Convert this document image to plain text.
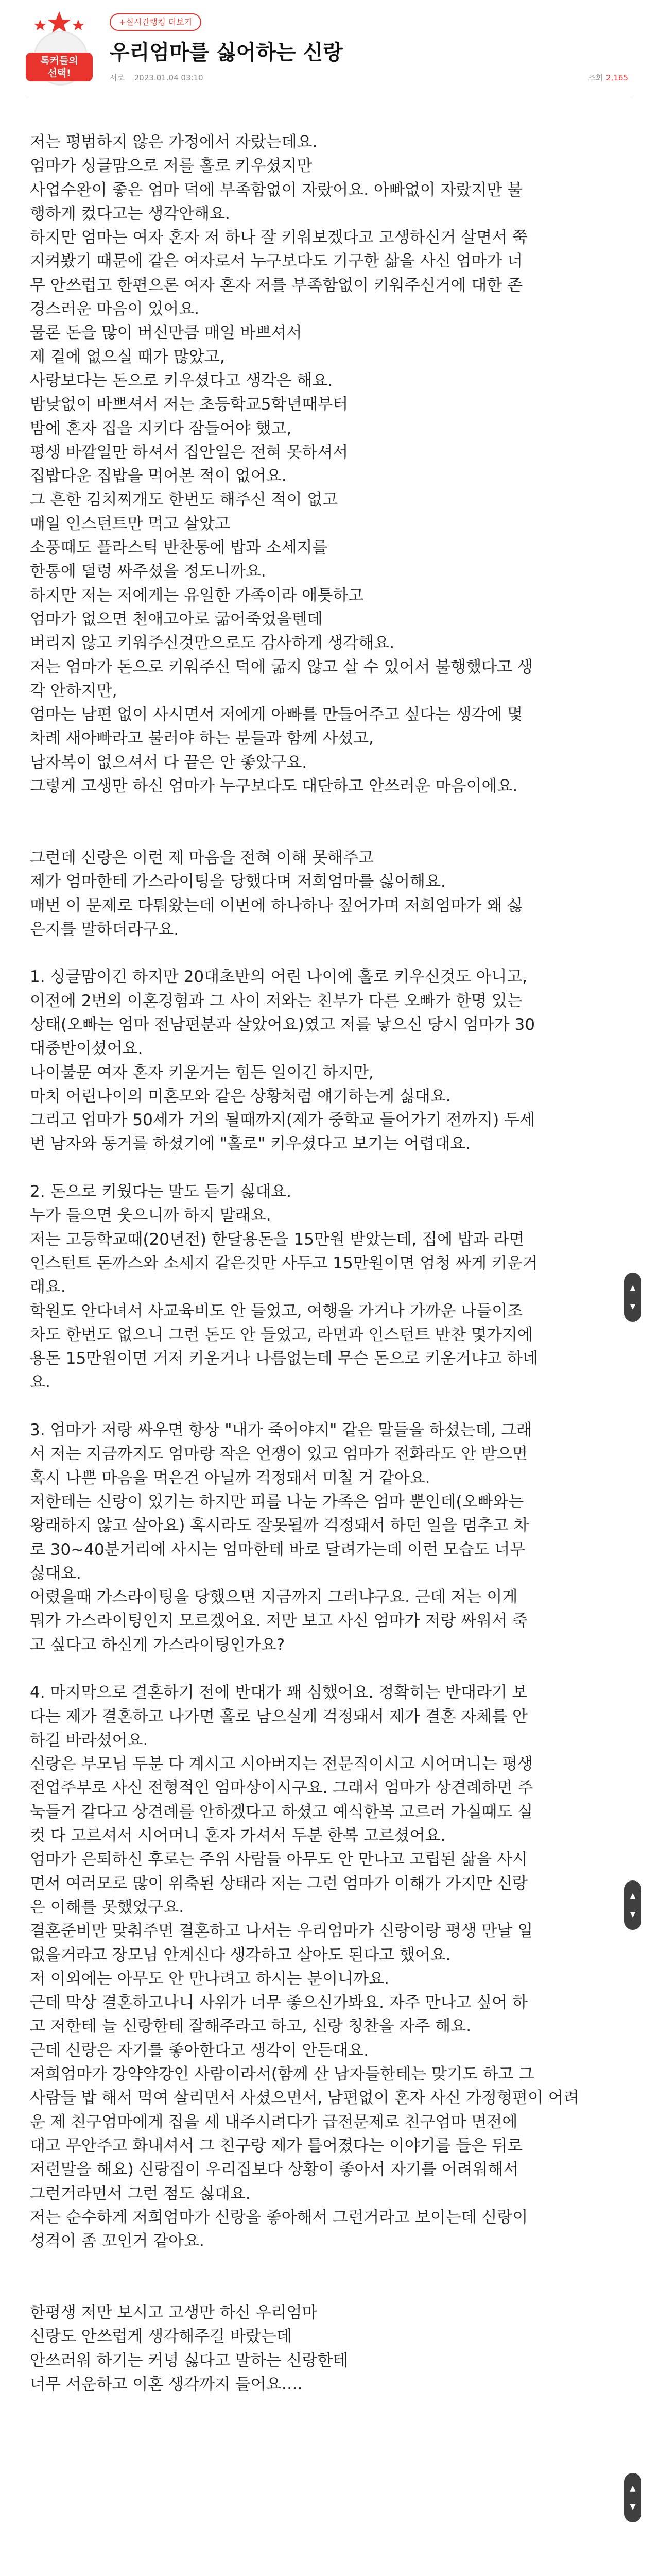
톡커들의
선택!
+실시간랭킹 더보기
우리엄마를 싫어하는 신랑
서로 2023.01.04 03:10	조회 2,165
저는 평범하지 않은 가정에서 자랐는데요.
엄마가 싱글맘으로 저를 홀로 키우셨지만
사업수완이 좋은 엄마 덕에 부족함없이 자랐어요. 아빠없이 자랐지만 불
행하게 컸다고는 생각안해요.
하지만 엄마는 여자 혼자 저 하나 잘 키워보겠다고 고생하신거 살면서 쭉
지켜봤기 때문에 같은 여자로서 누구보다도 기구한 삶을 사신 엄마가 너
무 안쓰럽고 한편으론 여자 혼자 저를 부족함없이 키워주신거에 대한 존
경스러운 마음이 있어요.
물론 돈을 많이 버신만큼 매일 바쁘셔서
제 곁에 없으실 때가 많았고,
사랑보다는 돈으로 키우셨다고 생각은 해요.
밤낮없이 바쁘셔서 저는 초등학교5학년때부터
밤에 혼자 집을 지키다 잠들어야 했고,
평생 바깥일만 하셔서 집안일은 전혀 못하셔서
집밥다운 집밥을 먹어본 적이 없어요.
그 흔한 김치찌개도 한번도 해주신 적이 없고
매일 인스턴트만 먹고 살았고
소풍때도 플라스틱 반찬통에 밥과 소세지를
한통에 덜렁 싸주셨을 정도니까요.
하지만 저는 저에게는 유일한 가족이라 애틋하고
엄마가 없으면 천애고아로 굶어죽었을텐데
버리지 않고 키워주신것만으로도 감사하게 생각해요.
저는 엄마가 돈으로 키워주신 덕에 굶지 않고 살 수 있어서 불행했다고 생
각 안하지만,
엄마는 남편 없이 사시면서 저에게 아빠를 만들어주고 싶다는 생각에 몇
차례 새아빠라고 불러야 하는 분들과 함께 사셨고,
남자복이 없으셔서 다 끝은 안 좋았구요.
그렇게 고생만 하신 엄마가 누구보다도 대단하고 안쓰러운 마음이에요.
그런데 신랑은 이런 제 마음을 전혀 이해 못해주고
제가 엄마한테 가스라이팅을 당했다며 저희엄마를 싫어해요.
매번 이 문제로 다퉈왔는데 이번에 하나하나 짚어가며 저희엄마가 왜 싫
은지를 말하더라구요.
1. 싱글맘이긴 하지만 20대초반의 어린 나이에 홀로 키우신것도 아니고,
이전에 2번의 이혼경험과 그 사이 저와는 친부가 다른 오빠가 한명 있는
상태(오빠는 엄마 전남편분과 살았어요)였고 저를 낳으신 당시 엄마가 30
대중반이셨어요.
나이불문 여자 혼자 키운거는 힘든 일이긴 하지만,
마치 어린나이의 미혼모와 같은 상황처럼 얘기하는게 싫대요.
그리고 엄마가 50세가 거의 될때까지(제가 중학교 들어가기 전까지) 두세
번 남자와 동거를 하셨기에 "홀로" 키우셨다고 보기는 어렵대요.
2. 돈으로 키웠다는 말도 듣기 싫대요.
누가 들으면 웃으니까 하지 말래요.
저는 고등학교때(20년전) 한달용돈을 15만원 받았는데, 집에 밥과 라면
인스턴트 돈까스와 소세지 같은것만 사두고 15만원이면 엄청 싸게 키운거
래요.
학원도 안다녀서 사교육비도 안 들었고, 여행을 가거나 가까운 나들이조
차도 한번도 없으니 그런 돈도 안 들었고, 라면과 인스턴트 반찬 몇가지에
용돈 15만원이면 거저 키운거나 나름없는데 무슨 돈으로 키운거냐고 하네
요.
3. 엄마가 저랑 싸우면 항상 "내가 죽어야지" 같은 말들을 하셨는데, 그래
서 저는 지금까지도 엄마랑 작은 언쟁이 있고 엄마가 전화라도 안 받으면
혹시 나쁜 마음을 먹은건 아닐까 걱정돼서 미칠 거 같아요.
저한테는 신랑이 있기는 하지만 피를 나눈 가족은 엄마 뿐인데(오빠와는
왕래하지 않고 살아요) 혹시라도 잘못될까 걱정돼서 하던 일을 멈추고 차
로 30~40분거리에 사시는 엄마한테 바로 달려가는데 이런 모습도 너무
싫대요.
어렸을때 가스라이팅을 당했으면 지금까지 그러냐구요. 근데 저는 이게
뭐가 가스라이팅인지 모르겠어요. 저만 보고 사신 엄마가 저랑 싸워서 죽
고 싶다고 하신게 가스라이팅인가요?
4. 마지막으로 결혼하기 전에 반대가 꽤 심했어요. 정확히는 반대라기 보
다는 제가 결혼하고 나가면 홀로 남으실게 걱정돼서 제가 결혼 자체를 안
하길 바라셨어요.
신랑은 부모님 두분 다 계시고 시아버지는 전문직이시고 시어머니는 평생
전업주부로 사신 전형적인 엄마상이시구요. 그래서 엄마가 상견례하면 주
눅들거 같다고 상견례를 안하겠다고 하셨고 예식한복 고르러 가실때도 실
컷 다 고르셔서 시어머니 혼자 가셔서 두분 한복 고르셨어요.
엄마가 은퇴하신 후로는 주위 사람들 아무도 안 만나고 고립된 삶을 사시
면서 여러모로 많이 위축된 상태라 저는 그런 엄마가 이해가 가지만 신랑
은 이해를 못했었구요.
결혼준비만 맞춰주면 결혼하고 나서는 우리엄마가 신랑이랑 평생 만날 일
없을거라고 장모님 안계신다 생각하고 살아도 된다고 했어요.
저 이외에는 아무도 안 만나려고 하시는 분이니까요.
근데 막상 결혼하고나니 사위가 너무 좋으신가봐요. 자주 만나고 싶어 하
고 저한테 늘 신랑한테 잘해주라고 하고, 신랑 칭찬을 자주 해요.
근데 신랑은 자기를 좋아한다고 생각이 안든대요.
저희엄마가 강약약강인 사람이라서(함께 산 남자들한테는 맞기도 하고 그
사람들 밥 해서 먹여 살리면서 사셨으면서, 남편없이 혼자 사신 가정형편이 어려
운 제 친구엄마에게 집을 세 내주시려다가 급전문제로 친구엄마 면전에
대고 무안주고 화내셔서 그 친구랑 제가 틀어졌다는 이야기를 들은 뒤로
저런말을 해요) 신랑집이 우리집보다 상황이 좋아서 자기를 어려워해서
그런거라면서 그런 점도 싫대요.
저는 순수하게 저희엄마가 신랑을 좋아해서 그런거라고 보이는데 신랑이
성격이 좀 꼬인거 같아요.
한평생 저만 보시고 고생만 하신 우리엄마
신랑도 안쓰럽게 생각해주길 바랐는데
안쓰러워 하기는 커녕 싫다고 말하는 신랑한테
너무 서운하고 이혼 생각까지 들어요….
▲
▼
▲
▼
▲
▼
